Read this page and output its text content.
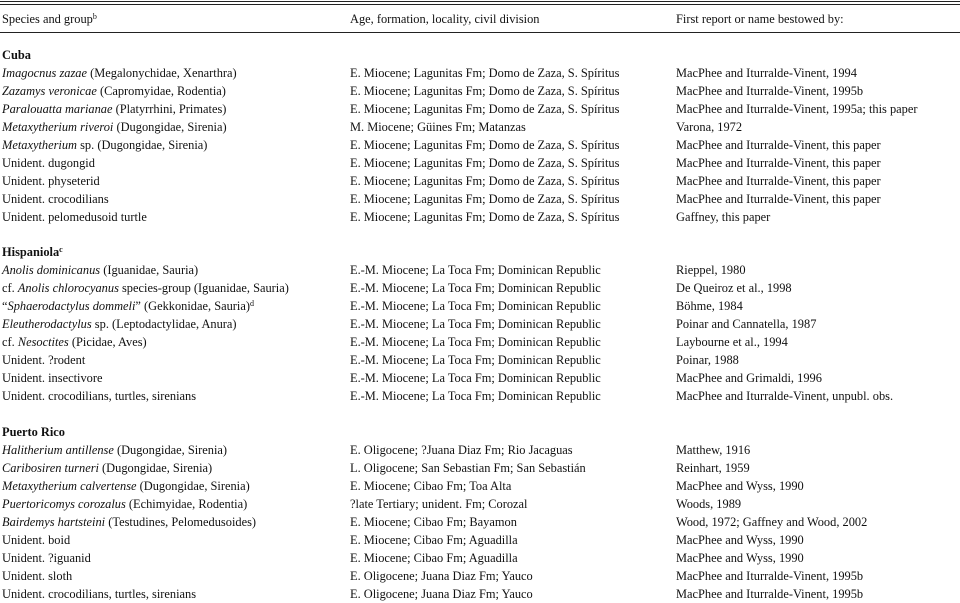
Species and group$^b$	Age, formation, locality, civil division	First report or name bestowed by:
Cuba
Imagocnus zazae (Megalonychidae, Xenarthra)	E. Miocene; Lagunitas Fm; Domo de Zaza, S. Spíritus	MacPhee and Iturralde-Vinent, 1994
Zazamys veronicae (Capromyidae, Rodentia)	E. Miocene; Lagunitas Fm; Domo de Zaza, S. Spíritus	MacPhee and Iturralde-Vinent, 1995b
Paralouatta marianae (Platyrrhini, Primates)	E. Miocene; Lagunitas Fm; Domo de Zaza, S. Spíritus	MacPhee and Iturralde-Vinent, 1995a; this paper
Metaxytherium riveroi (Dugongidae, Sirenia)	M. Miocene; Güines Fm; Matanzas	Varona, 1972
Metaxytherium sp. (Dugongidae, Sirenia)	E. Miocene; Lagunitas Fm; Domo de Zaza, S. Spíritus	MacPhee and Iturralde-Vinent, this paper
Unident. dugongid	E. Miocene; Lagunitas Fm; Domo de Zaza, S. Spíritus	MacPhee and Iturralde-Vinent, this paper
Unident. physeterid	E. Miocene; Lagunitas Fm; Domo de Zaza, S. Spíritus	MacPhee and Iturralde-Vinent, this paper
Unident. crocodilians	E. Miocene; Lagunitas Fm; Domo de Zaza, S. Spíritus	MacPhee and Iturralde-Vinent, this paper
Unident. pelomedusoid turtle	E. Miocene; Lagunitas Fm; Domo de Zaza, S. Spíritus	Gaffney, this paper
Hispaniola$^c$
Anolis dominicanus (Iguanidae, Sauria)	E.-M. Miocene; La Toca Fm; Dominican Republic	Rieppel, 1980
cf. Anolis chlorocyanus species-group (Iguanidae, Sauria)	E.-M. Miocene; La Toca Fm; Dominican Republic	De Queiroz et al., 1998
“Sphaerodactylus dommeli” (Gekkonidae, Sauria)$^d$	E.-M. Miocene; La Toca Fm; Dominican Republic	Böhme, 1984
Eleutherodactylus sp. (Leptodactylidae, Anura)	E.-M. Miocene; La Toca Fm; Dominican Republic	Poinar and Cannatella, 1987
cf. Nesoctites (Picidae, Aves)	E.-M. Miocene; La Toca Fm; Dominican Republic	Laybourne et al., 1994
Unident. ?rodent	E.-M. Miocene; La Toca Fm; Dominican Republic	Poinar, 1988
Unident. insectivore	E.-M. Miocene; La Toca Fm; Dominican Republic	MacPhee and Grimaldi, 1996
Unident. crocodilians, turtles, sirenians	E.-M. Miocene; La Toca Fm; Dominican Republic	MacPhee and Iturralde-Vinent, unpubl. obs.
Puerto Rico
Halitherium antillense (Dugongidae, Sirenia)	E. Oligocene; ?Juana Diaz Fm; Rio Jacaguas	Matthew, 1916
Caribosiren turneri (Dugongidae, Sirenia)	L. Oligocene; San Sebastian Fm; San Sebastián	Reinhart, 1959
Metaxytherium calvertense (Dugongidae, Sirenia)	E. Miocene; Cibao Fm; Toa Alta	MacPhee and Wyss, 1990
Puertoricomys corozalus (Echimyidae, Rodentia)	?late Tertiary; unident. Fm; Corozal	Woods, 1989
Bairdemys hartsteini (Testudines, Pelomedusoides)	E. Miocene; Cibao Fm; Bayamon	Wood, 1972; Gaffney and Wood, 2002
Unident. boid	E. Miocene; Cibao Fm; Aguadilla	MacPhee and Wyss, 1990
Unident. ?iguanid	E. Miocene; Cibao Fm; Aguadilla	MacPhee and Wyss, 1990
Unident. sloth	E. Oligocene; Juana Diaz Fm; Yauco	MacPhee and Iturralde-Vinent, 1995b
Unident. crocodilians, turtles, sirenians	E. Oligocene; Juana Diaz Fm; Yauco	MacPhee and Iturralde-Vinent, 1995b
